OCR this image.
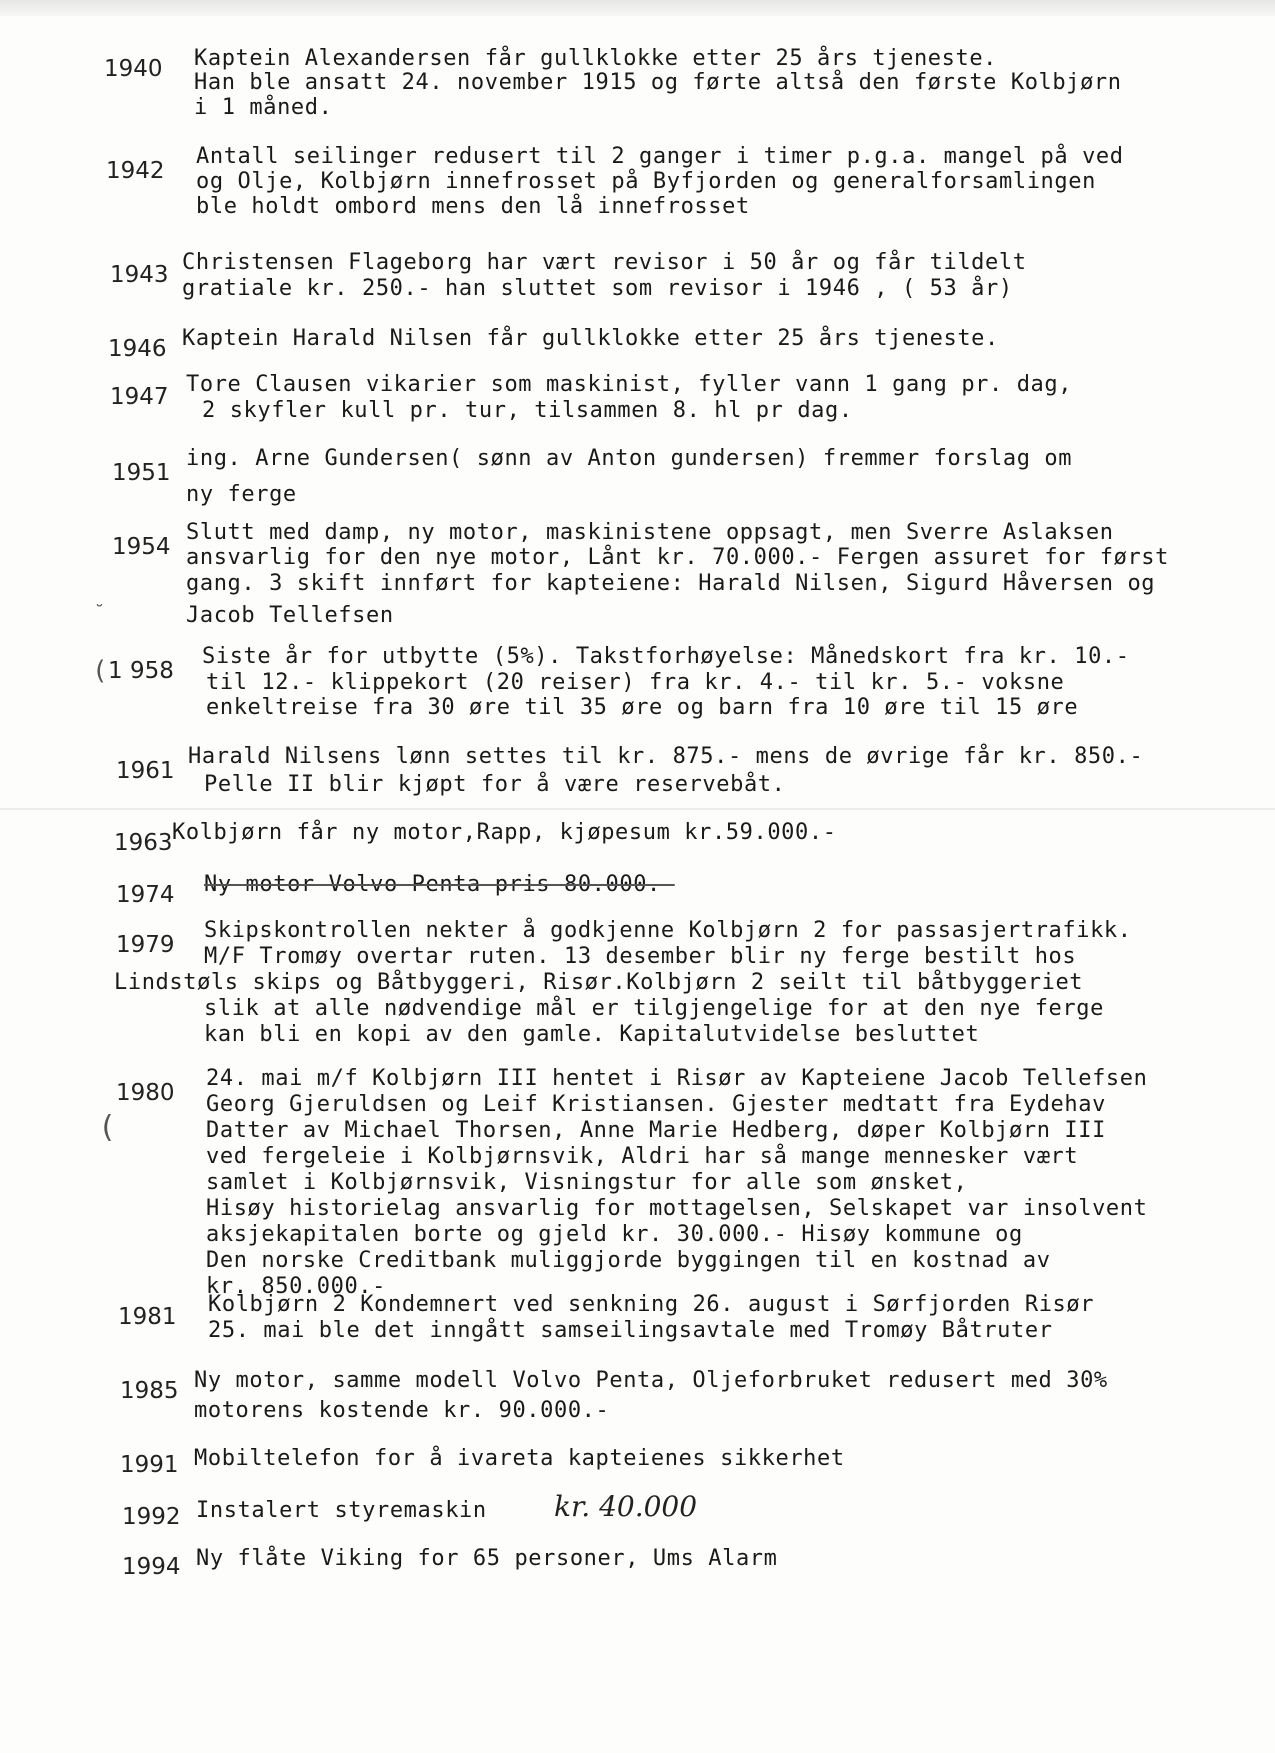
1940 Kaptein Alexandersen får gullklokke etter 25 års tjeneste.
Han ble ansatt 24. november 1915 og førte altså den første Kolbjørn
i 1 måned.
1942
Antall seilinger redusert til 2 ganger i timer p.g.a. mangel på ved
og Olje, Kolbjørn innefrosset på Byfjorden og generalforsamlingen
ble holdt ombord mens den lå innefrosset
1943 Christensen Flageborg har vært revisor i 50 år og får tildelt
gratiale kr. 250.- han sluttet som revisor i 1946 , ( 53 år)
1946 Kaptein Harald Nilsen får gullklokke etter 25 års tjeneste.
1947 Tore Clausen vikarier som maskinist, fyller vann 1 gang pr. dag,
2 skyfler kull pr. tur, tilsammen 8. hl pr dag.
1951
ing. Arne Gundersen( sønn av Anton gundersen) fremmer forslag om
ny ferge
1954
Slutt med damp, ny motor, maskinistene oppsagt, men Sverre Aslaksen
ansvarlig for den nye motor, Lånt kr. 70.000.- Fergen assuret for først
gang. 3 skift innført for kapteiene: Harald Nilsen, Sigurd Håversen og
Jacob Tellefsen
˘
( 1 958
Siste år for utbytte (5%). Takstforhøyelse: Månedskort fra kr. 10.-
til 12.- klippekort (20 reiser) fra kr. 4.- til kr. 5.- voksne
enkeltreise fra 30 øre til 35 øre og barn fra 10 øre til 15 øre
1961
Harald Nilsens lønn settes til kr. 875.- mens de øvrige får kr. 850.-
Pelle II blir kjøpt for å være reservebåt.
1963 Kolbjørn får ny motor,Rapp, kjøpesum kr.59.000.-
1974 Ny motor Volvo Penta pris 80.000.-
1979
Skipskontrollen nekter å godkjenne Kolbjørn 2 for passasjertrafikk.
M/F Tromøy overtar ruten. 13 desember blir ny ferge bestilt hos
Lindstøls skips og Båtbyggeri, Risør.Kolbjørn 2 seilt til båtbyggeriet
slik at alle nødvendige mål er tilgjengelige for at den nye ferge
kan bli en kopi av den gamle. Kapitalutvidelse besluttet
1980
(
24. mai m/f Kolbjørn III hentet i Risør av Kapteiene Jacob Tellefsen
Georg Gjeruldsen og Leif Kristiansen. Gjester medtatt fra Eydehav
Datter av Michael Thorsen, Anne Marie Hedberg, døper Kolbjørn III
ved fergeleie i Kolbjørnsvik, Aldri har så mange mennesker vært
samlet i Kolbjørnsvik, Visningstur for alle som ønsket,
Hisøy historielag ansvarlig for mottagelsen, Selskapet var insolvent
aksjekapitalen borte og gjeld kr. 30.000.- Hisøy kommune og
Den norske Creditbank muliggjorde byggingen til en kostnad av
kr. 850.000.-
1981 Kolbjørn 2 Kondemnert ved senkning 26. august i Sørfjorden Risør
25. mai ble det inngått samseilingsavtale med Tromøy Båtruter
1985 Ny motor, samme modell Volvo Penta, Oljeforbruket redusert med 30%
motorens kostende kr. 90.000.-
1991 Mobiltelefon for å ivareta kapteienes sikkerhet
1992 Instalert styremaskin kr. 40.000
1994 Ny flåte Viking for 65 personer, Ums Alarm
